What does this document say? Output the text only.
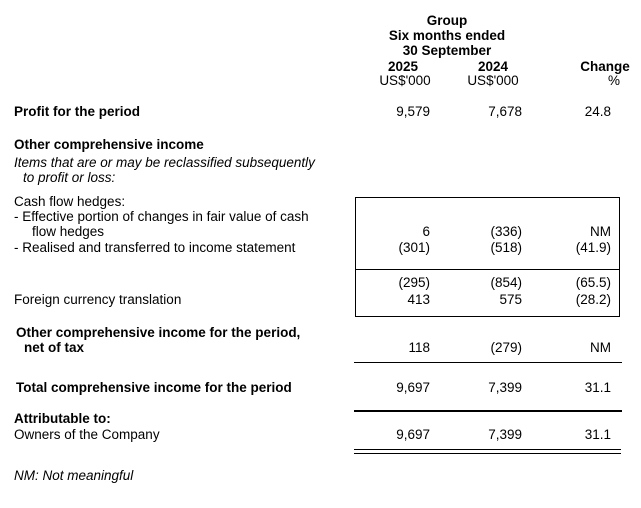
Group
Six months ended
30 September
2025	2024	Change
US$'000	US$'000	%
Profit for the period	9,579	7,678	24.8
Other comprehensive income
Items that are or may be reclassified subsequently
to profit or loss:
Cash flow hedges:
- Effective portion of changes in fair value of cash
flow hedges	6	(336)	NM
- Realised and transferred to income statement	(301)	(518)	(41.9)
(295)	(854)	(65.5)
Foreign currency translation	413	575	(28.2)
Other comprehensive income for the period,
net of tax	118	(279)	NM
Total comprehensive income for the period	9,697	7,399	31.1
Attributable to:
Owners of the Company	9,697	7,399	31.1
NM: Not meaningful
